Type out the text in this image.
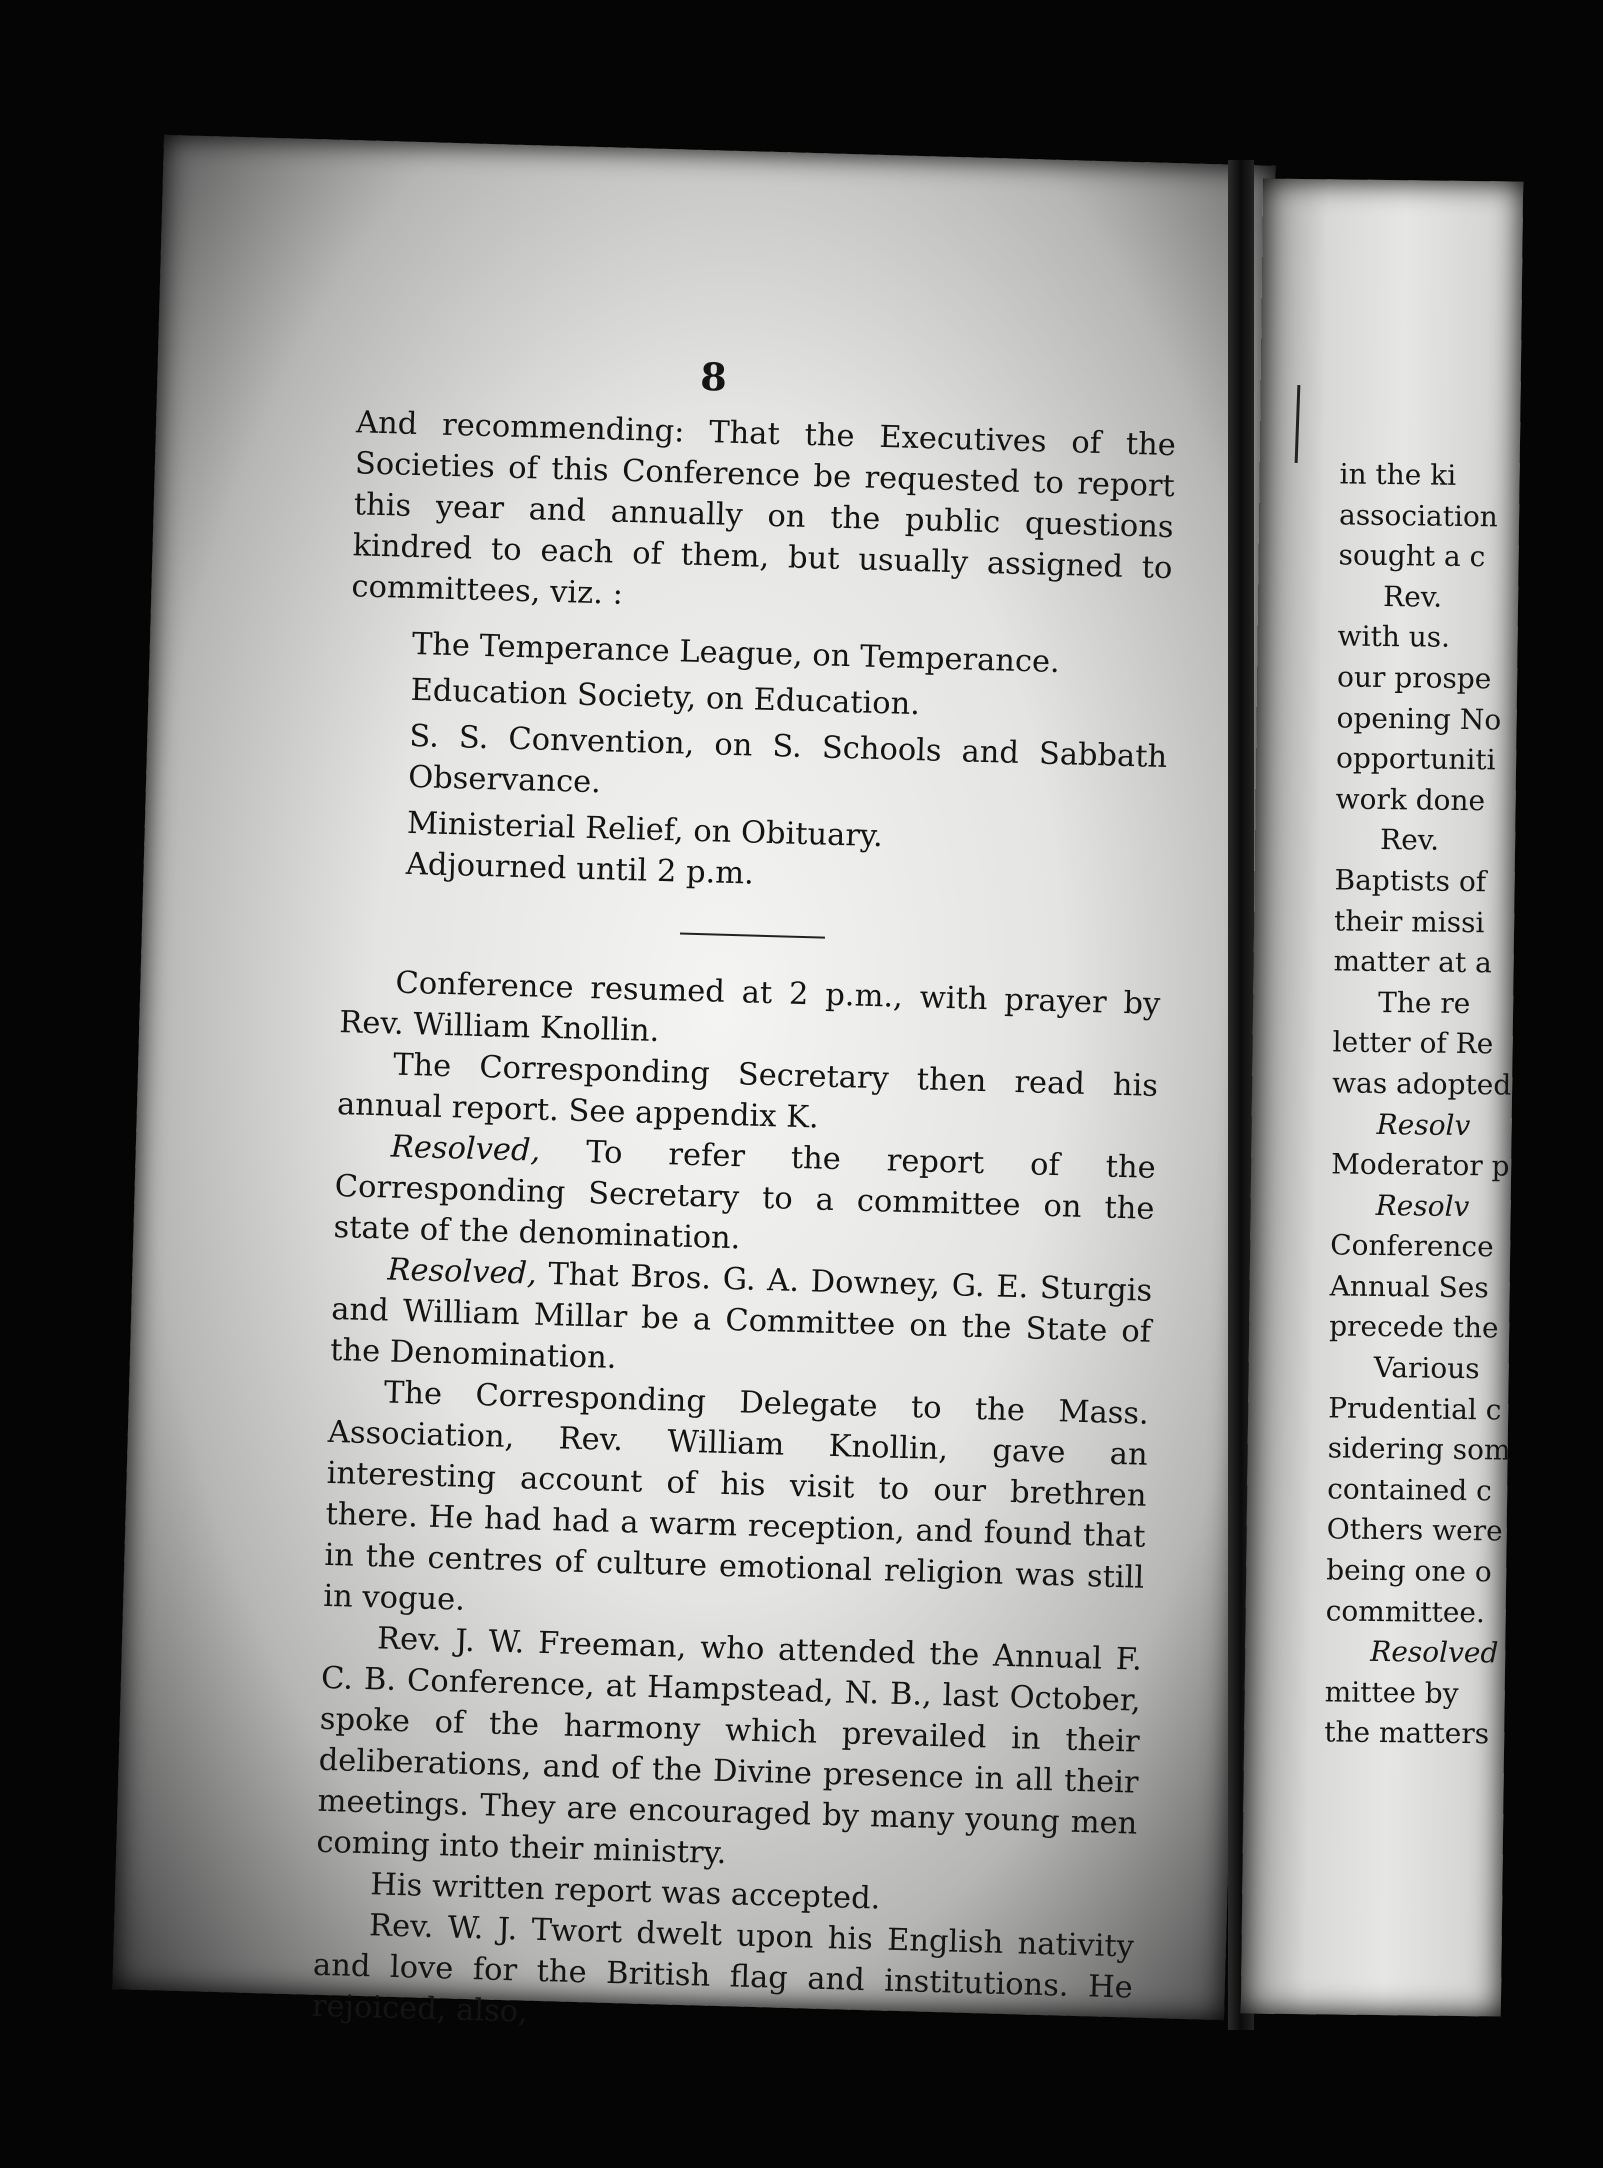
8

And recommending: That the Executives of the Societies of this Conference be requested to report this year and annually on the public questions kindred to each of them, but usually assigned to committees, viz. :

The Temperance League, on Temperance.

Education Society, on Education.

S. S. Convention, on S. Schools and Sabbath Observance.

Ministerial Relief, on Obituary.

Adjourned until 2 p.m.

Conference resumed at 2 p.m., with prayer by Rev. William Knollin.

The Corresponding Secretary then read his annual report. See appendix K.

Resolved, To refer the report of the Corresponding Secretary to a committee on the state of the denomination.

Resolved, That Bros. G. A. Downey, G. E. Sturgis and William Millar be a Committee on the State of the Denomination.

The Corresponding Delegate to the Mass. Association, Rev. William Knollin, gave an interesting account of his visit to our brethren there. He had had a warm reception, and found that in the centres of culture emotional religion was still in vogue.

Rev. J. W. Freeman, who attended the Annual F. C. B. Conference, at Hampstead, N. B., last October, spoke of the harmony which prevailed in their deliberations, and of the Divine presence in all their meetings. They are encouraged by many young men coming into their ministry.

His written report was accepted.

Rev. W. J. Twort dwelt upon his English nativity and love for the British flag and institutions. He rejoiced, also,

in the ki
association
sought a c
Rev.
with us.
our prospe
opening No
opportuniti
work done
Rev.
Baptists of
their missi
matter at a
The re
letter of Re
was adopted
Resolv
Moderator p
Resolv
Conference
Annual Ses
precede the
Various
Prudential c
sidering som
contained c
Others were
being one o
committee.
Resolved
mittee by
the matters
